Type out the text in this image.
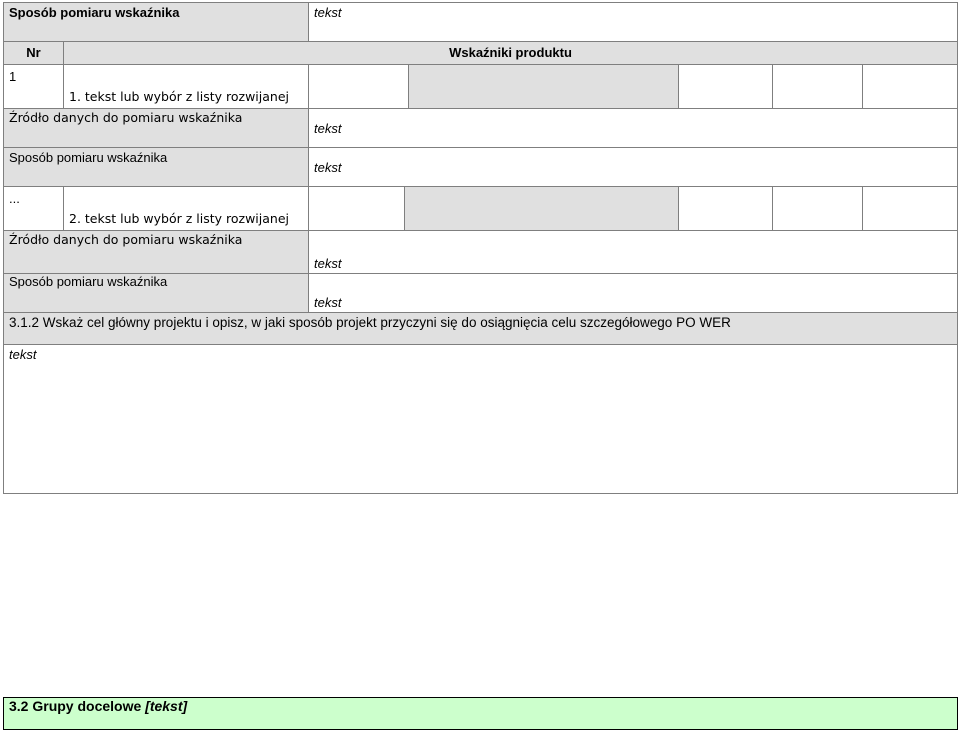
Sposób pomiaru wskaźnika	tekst
Nr	Wskaźniki produktu
1
1. tekst lub wybór z listy rozwijanej
Źródło danych do pomiaru wskaźnika
tekst
Sposób pomiaru wskaźnika
tekst
...
2. tekst lub wybór z listy rozwijanej
Źródło danych do pomiaru wskaźnika
tekst
Sposób pomiaru wskaźnika
tekst
3.1.2 Wskaż cel główny projektu i opisz, w jaki sposób projekt przyczyni się do osiągnięcia celu szczegółowego PO WER
tekst
3.2 Grupy docelowe [tekst]
